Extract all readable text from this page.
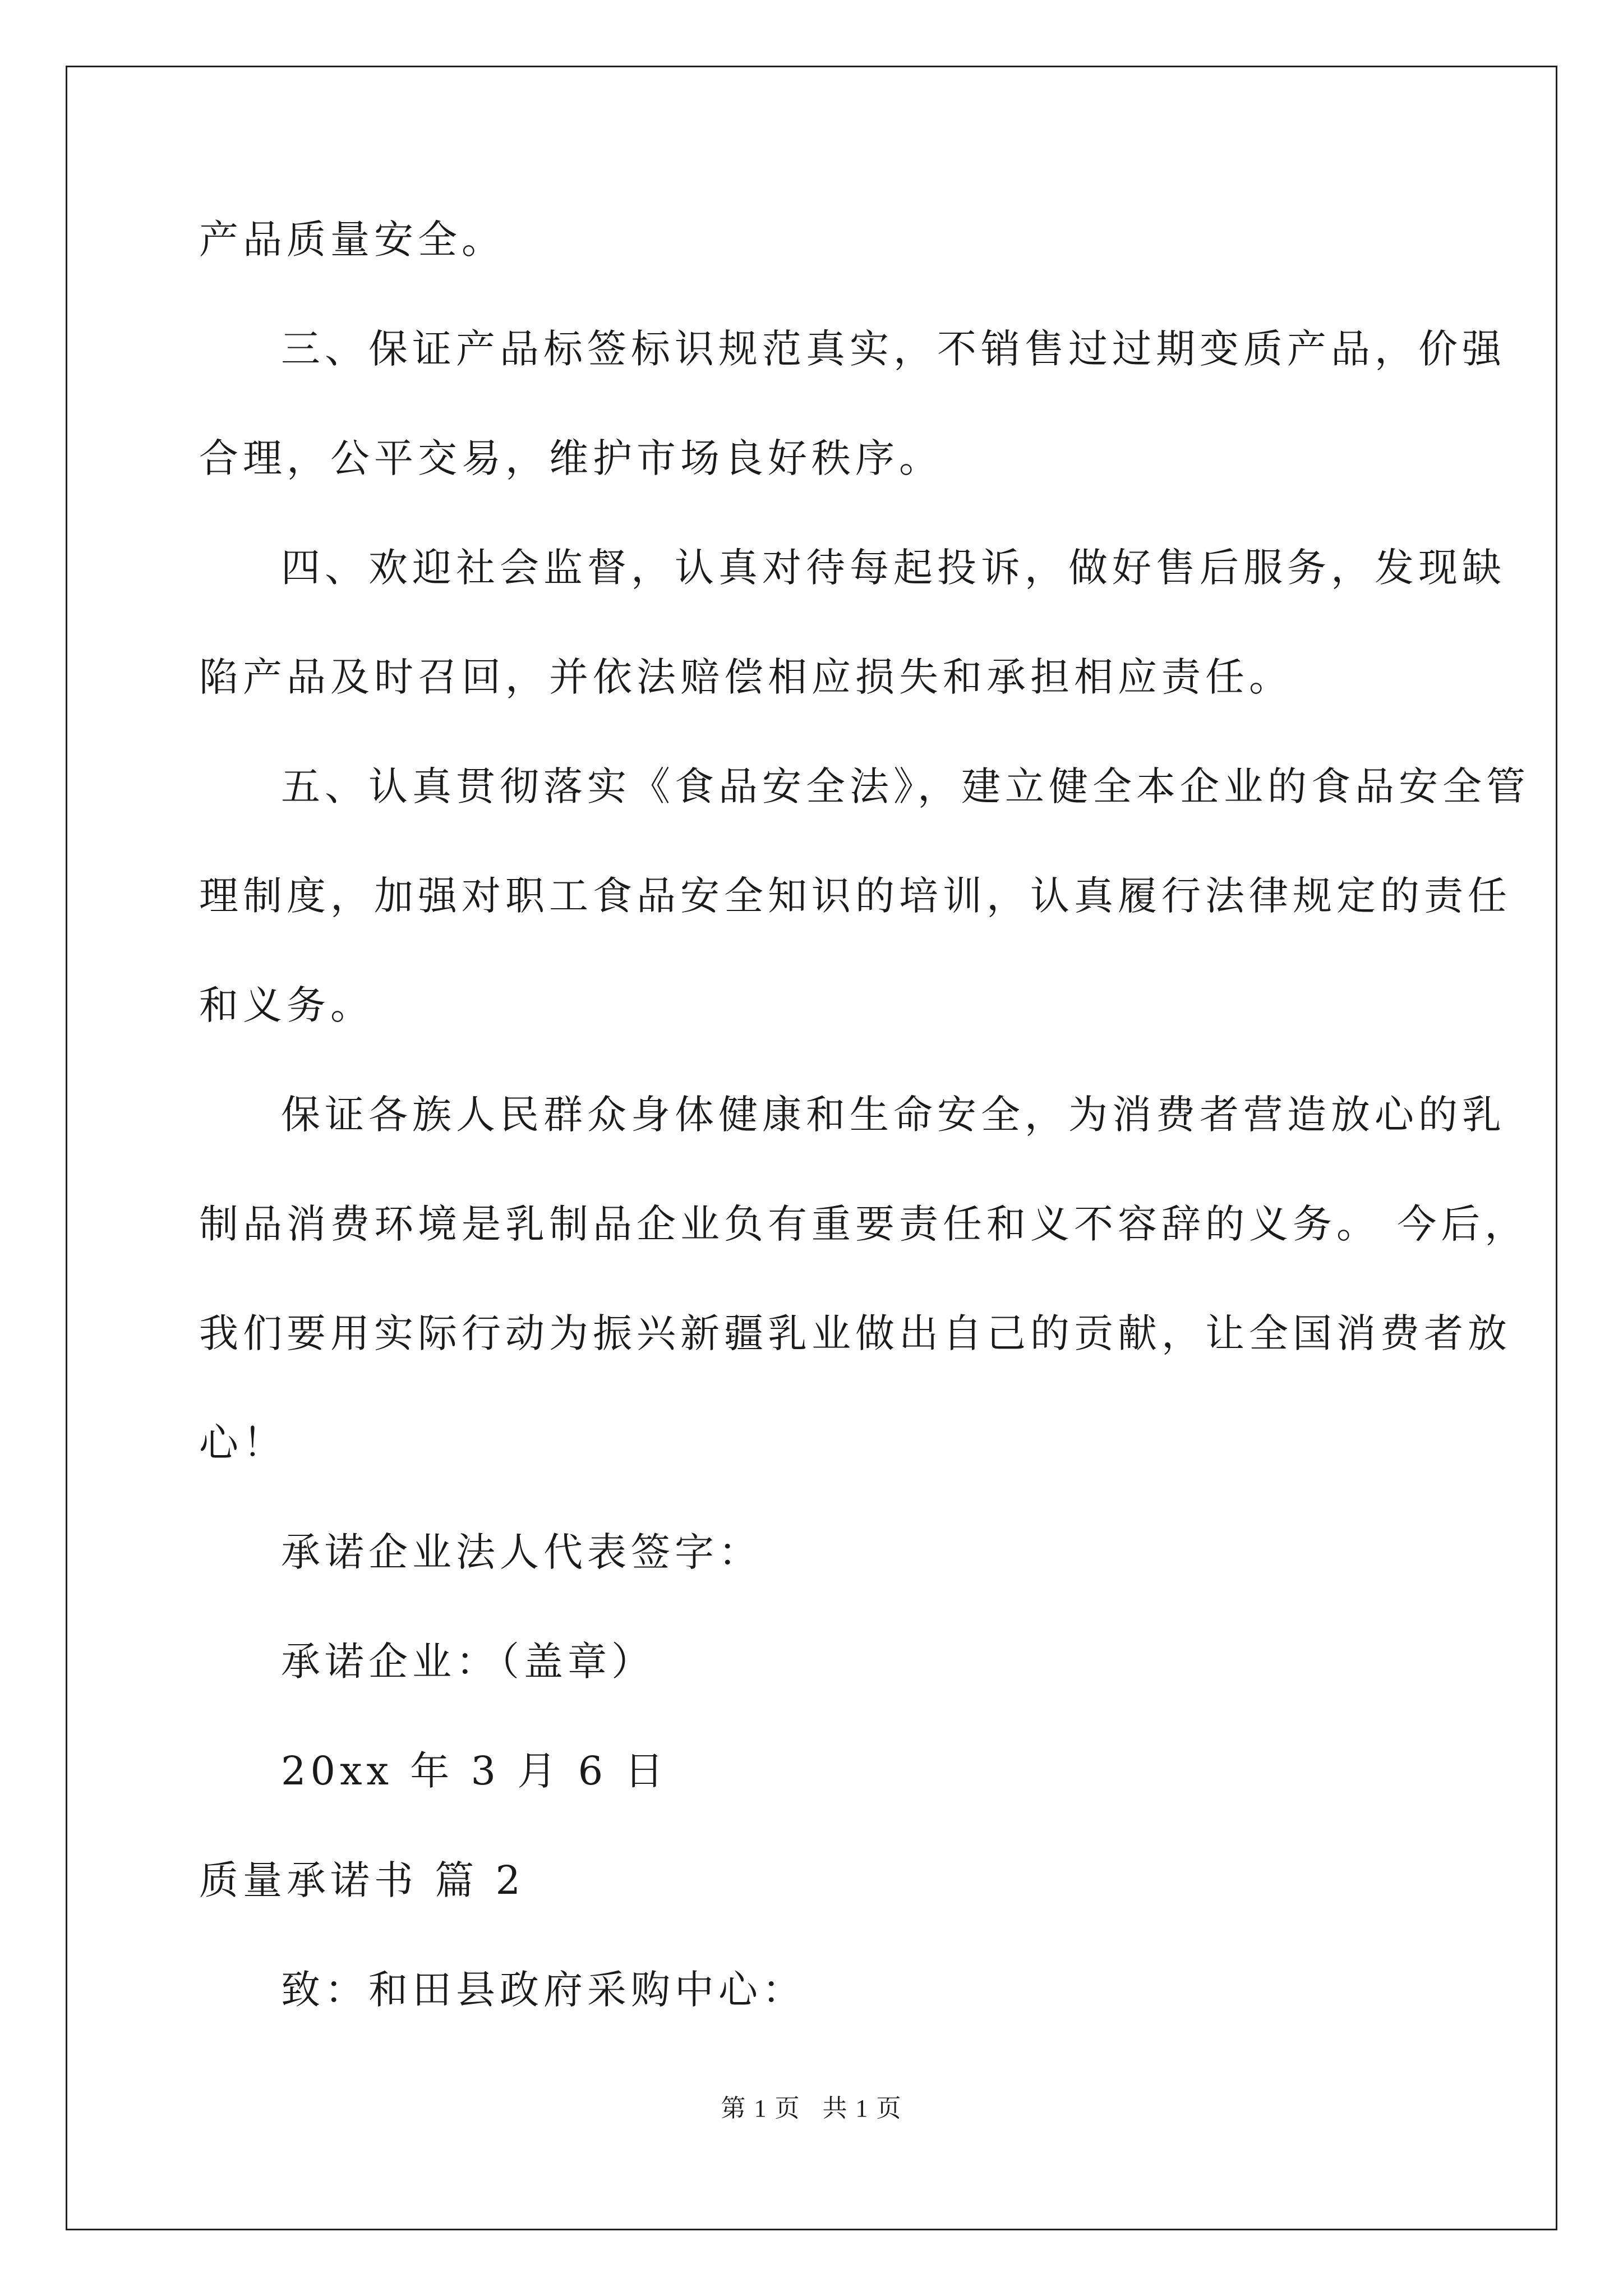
产品质量安全。
三、保证产品标签标识规范真实，不销售过过期变质产品，价强
合理，公平交易，维护市场良好秩序。
四、欢迎社会监督，认真对待每起投诉，做好售后服务，发现缺
陷产品及时召回，并依法赔偿相应损失和承担相应责任。
五、认真贯彻落实《食品安全法》，建立健全本企业的食品安全管
理制度，加强对职工食品安全知识的培训，认真履行法律规定的责任
和义务。
保证各族人民群众身体健康和生命安全，为消费者营造放心的乳
制品消费环境是乳制品企业负有重要责任和义不容辞的义务。 今后，
我们要用实际行动为振兴新疆乳业做出自己的贡献，让全国消费者放
心！
承诺企业法人代表签字：
承诺企业：（盖章）
20xx 年 3 月 6 日
质量承诺书 篇 2
致：和田县政府采购中心：
第 1 页   共 1 页
